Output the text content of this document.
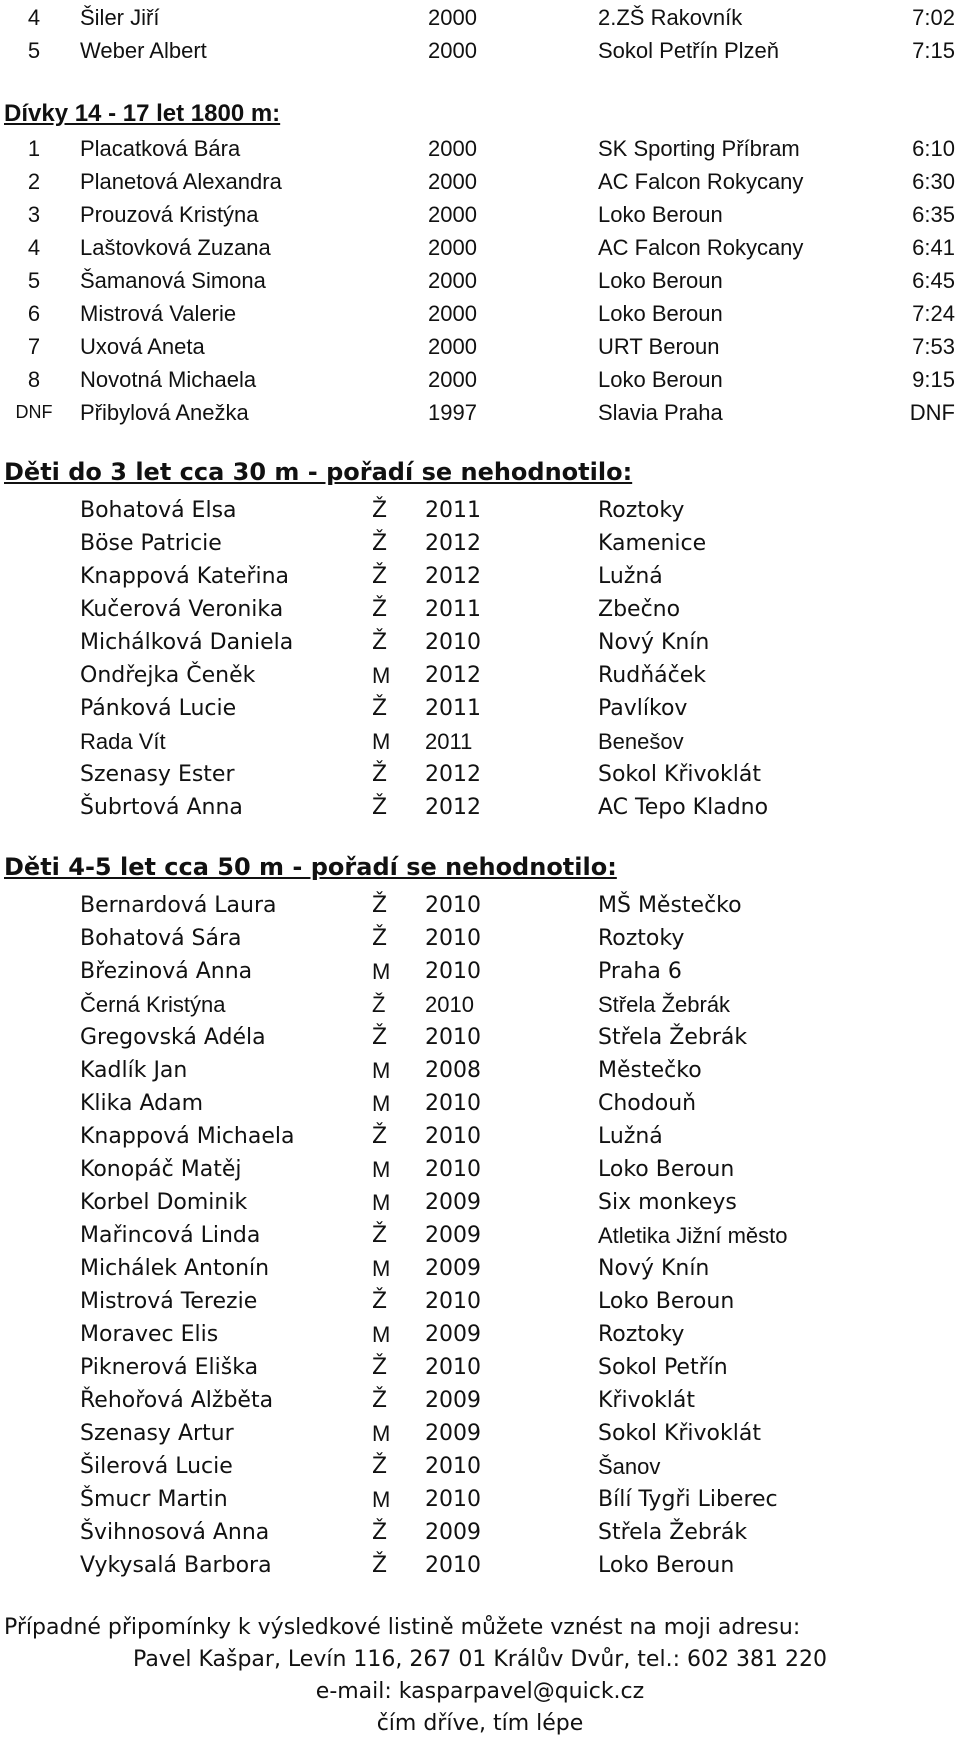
4	Šiler Jiří	2000	2.ZŠ Rakovník	7:02
5	Weber Albert	2000	Sokol Petřín Plzeň	7:15
Dívky 14 - 17 let 1800 m:
1	Placatková Bára	2000	SK Sporting Příbram	6:10
2	Planetová Alexandra	2000	AC Falcon Rokycany	6:30
3	Prouzová Kristýna	2000	Loko Beroun	6:35
4	Laštovková Zuzana	2000	AC Falcon Rokycany	6:41
5	Šamanová Simona	2000	Loko Beroun	6:45
6	Mistrová Valerie	2000	Loko Beroun	7:24
7	Uxová Aneta	2000	URT Beroun	7:53
8	Novotná Michaela	2000	Loko Beroun	9:15
DNF	Přibylová Anežka	1997	Slavia Praha	DNF
Děti do 3 let cca 30 m - pořadí se nehodnotilo:
Bohatová Elsa	Ž 2011	Roztoky
Böse Patricie	Ž 2012	Kamenice
Knappová Kateřina	Ž 2012	Lužná
Kučerová Veronika	Ž 2011	Zbečno
Michálková Daniela	Ž 2010	Nový Knín
Ondřejka Čeněk	M 2012	Rudňáček
Pánková Lucie	Ž 2011	Pavlíkov
Rada Vít	M 2011	Benešov
Szenasy Ester	Ž 2012	Sokol Křivoklát
Šubrtová Anna	Ž 2012	AC Tepo Kladno
Děti 4-5 let cca 50 m - pořadí se nehodnotilo:
Bernardová Laura	Ž 2010	MŠ Městečko
Bohatová Sára	Ž 2010	Roztoky
Březinová Anna	M 2010	Praha 6
Černá Kristýna	Ž 2010	Střela Žebrák
Gregovská Adéla	Ž 2010	Střela Žebrák
Kadlík Jan	M 2008	Městečko
Klika Adam	M 2010	Chodouň
Knappová Michaela	Ž 2010	Lužná
Konopáč Matěj	M 2010	Loko Beroun
Korbel Dominik	M 2009	Six monkeys
Mařincová Linda	Ž 2009	Atletika Jižní město
Michálek Antonín	M 2009	Nový Knín
Mistrová Terezie	Ž 2010	Loko Beroun
Moravec Elis	M 2009	Roztoky
Piknerová Eliška	Ž 2010	Sokol Petřín
Řehořová Alžběta	Ž 2009	Křivoklát
Szenasy Artur	M 2009	Sokol Křivoklát
Šilerová Lucie	Ž 2010	Šanov
Šmucr Martin	M 2010	Bílí Tygři Liberec
Švihnosová Anna	Ž 2009	Střela Žebrák
Vykysalá Barbora	Ž 2010	Loko Beroun
Případné připomínky k výsledkové listině můžete vznést na moji adresu:
Pavel Kašpar, Levín 116, 267 01 Králův Dvůr, tel.: 602 381 220
e-mail: kasparpavel@quick.cz
čím dříve, tím lépe
